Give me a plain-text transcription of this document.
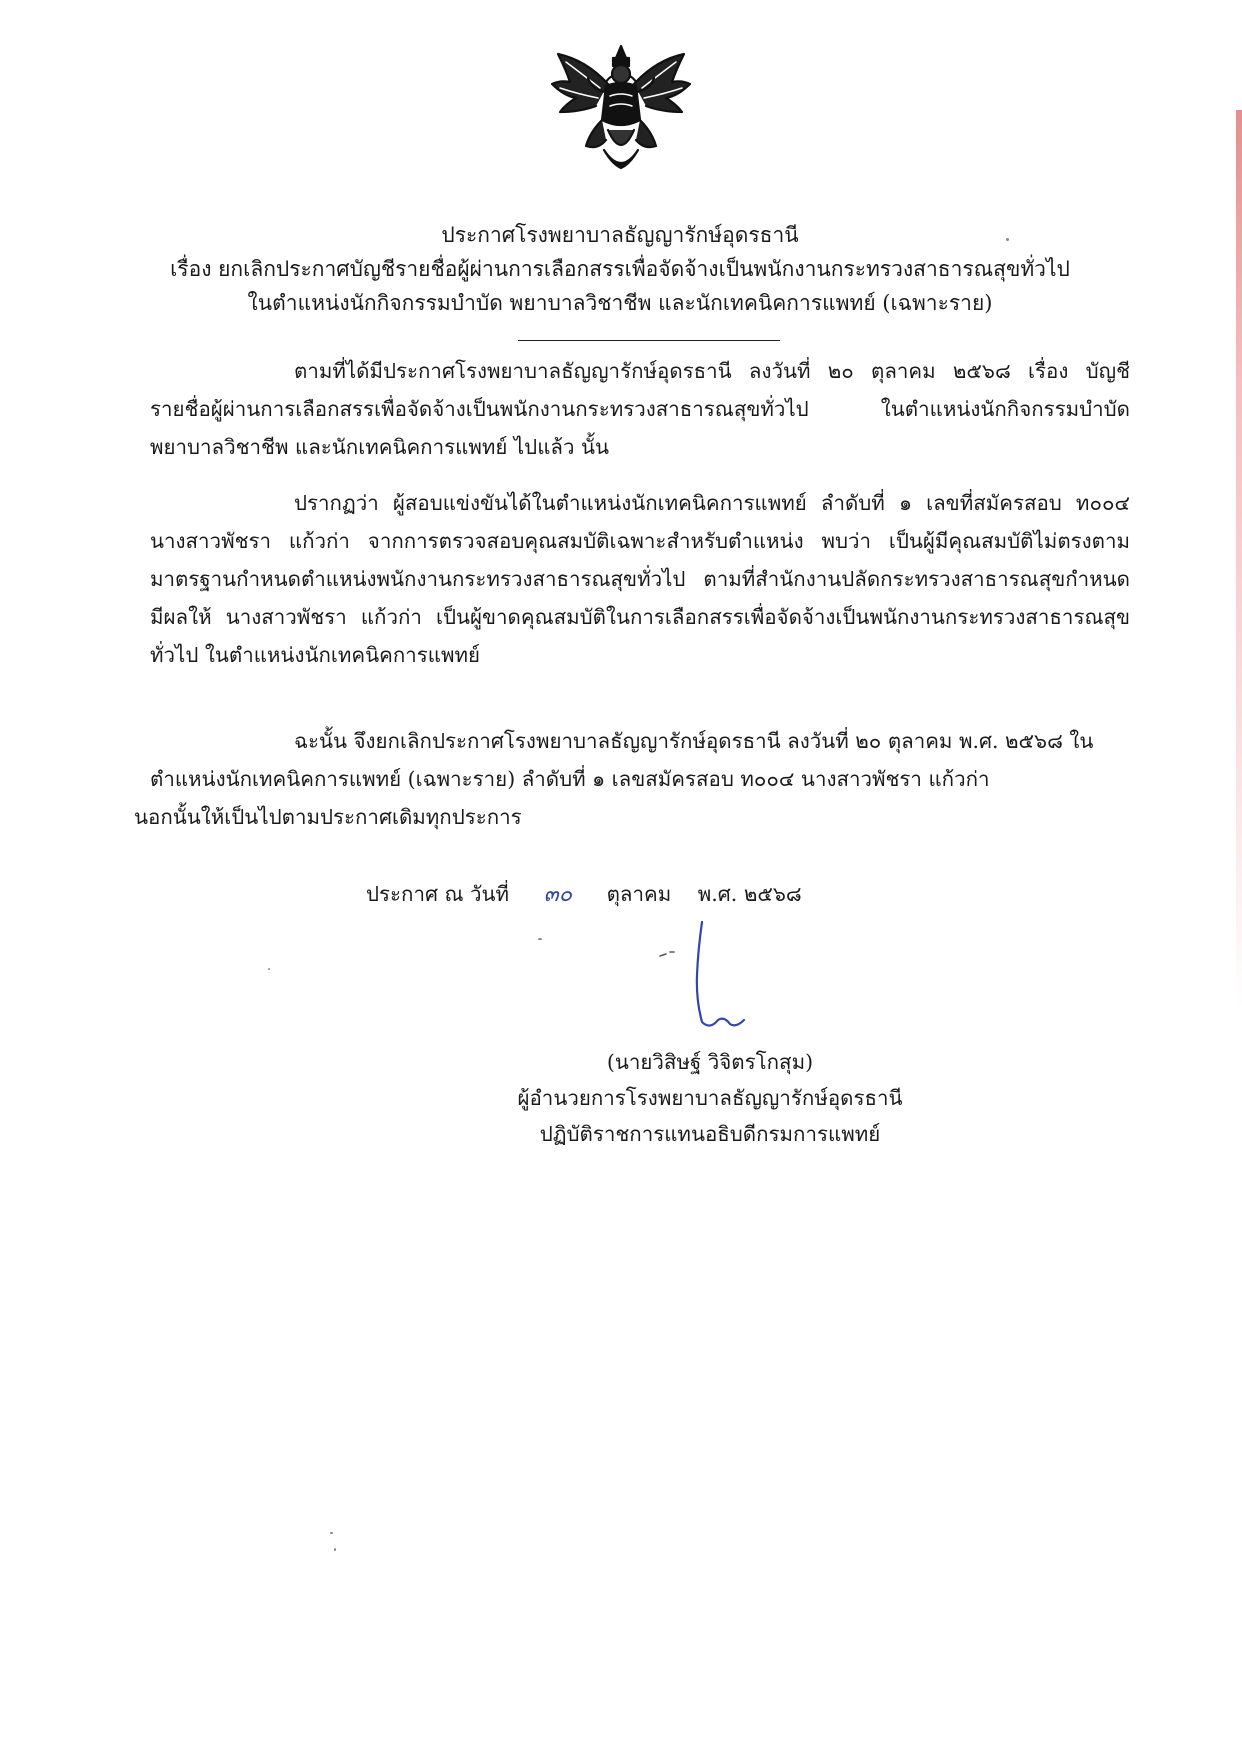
ประกาศโรงพยาบาลธัญญารักษ์อุดรธานี
เรื่อง ยกเลิกประกาศบัญชีรายชื่อผู้ผ่านการเลือกสรรเพื่อจัดจ้างเป็นพนักงานกระทรวงสาธารณสุขทั่วไป
ในตำแหน่งนักกิจกรรมบำบัด พยาบาลวิชาชีพ และนักเทคนิคการแพทย์ (เฉพาะราย)
ตามที่ได้มีประกาศโรงพยาบาลธัญญารักษ์อุดรธานี ลงวันที่ ๒๐ ตุลาคม ๒๕๖๘ เรื่อง บัญชี
รายชื่อผู้ผ่านการเลือกสรรเพื่อจัดจ้างเป็นพนักงานกระทรวงสาธารณสุขทั่วไป ในตำแหน่งนักกิจกรรมบำบัด
พยาบาลวิชาชีพ และนักเทคนิคการแพทย์ ไปแล้ว นั้น
ปรากฏว่า ผู้สอบแข่งขันได้ในตำแหน่งนักเทคนิคการแพทย์ ลำดับที่ ๑ เลขที่สมัครสอบ ท๐๐๔
นางสาวพัชรา แก้วก่า จากการตรวจสอบคุณสมบัติเฉพาะสำหรับตำแหน่ง พบว่า เป็นผู้มีคุณสมบัติไม่ตรงตาม
มาตรฐานกำหนดตำแหน่งพนักงานกระทรวงสาธารณสุขทั่วไป ตามที่สำนักงานปลัดกระทรวงสาธารณสุขกำหนด
มีผลให้ นางสาวพัชรา แก้วก่า เป็นผู้ขาดคุณสมบัติในการเลือกสรรเพื่อจัดจ้างเป็นพนักงานกระทรวงสาธารณสุข
ทั่วไป ในตำแหน่งนักเทคนิคการแพทย์
ฉะนั้น จึงยกเลิกประกาศโรงพยาบาลธัญญารักษ์อุดรธานี ลงวันที่ ๒๐ ตุลาคม พ.ศ. ๒๕๖๘ ใน
ตำแหน่งนักเทคนิคการแพทย์ (เฉพาะราย) ลำดับที่ ๑ เลขสมัครสอบ ท๐๐๔ นางสาวพัชรา แก้วก่า
นอกนั้นให้เป็นไปตามประกาศเดิมทุกประการ
ประกาศ ณ วันที่ ๓๐ ตุลาคม พ.ศ. ๒๕๖๘
(นายวิสิษฐ์ วิจิตรโกสุม)
ผู้อำนวยการโรงพยาบาลธัญญารักษ์อุดรธานี
ปฏิบัติราชการแทนอธิบดีกรมการแพทย์
